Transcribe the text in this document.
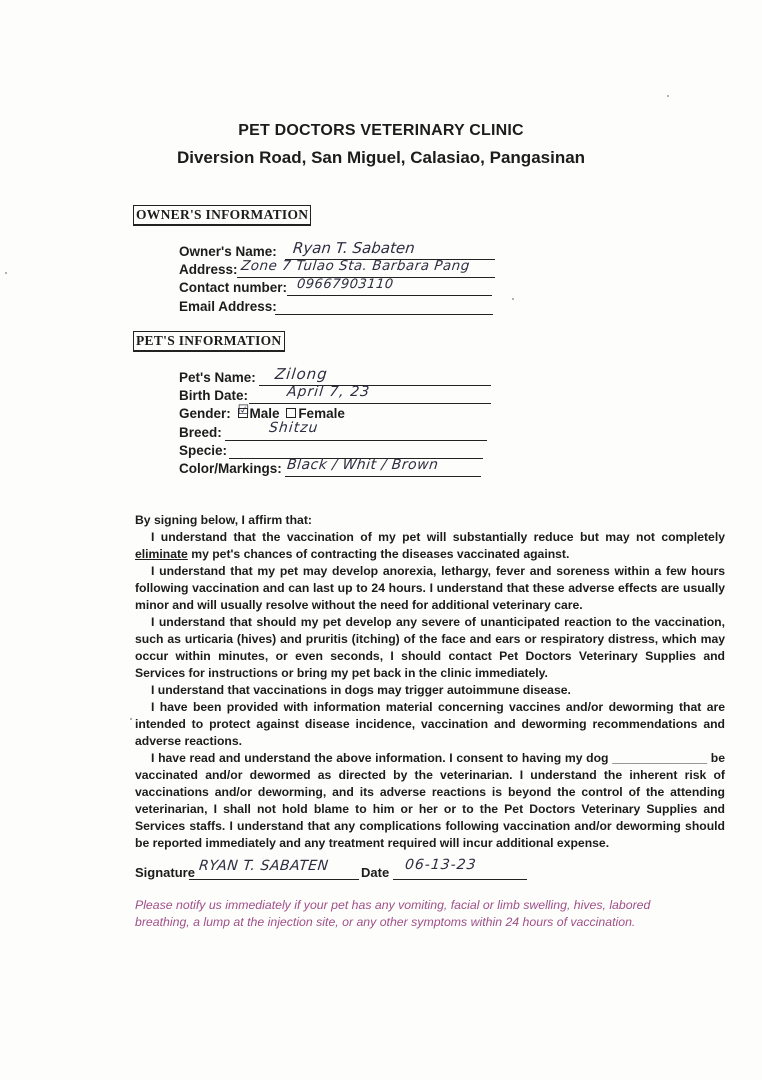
PET DOCTORS VETERINARY CLINIC
Diversion Road, San Miguel, Calasiao, Pangasinan
OWNER'S INFORMATION
Owner's Name: Ryan T. Sabaten
Address: Zone 7 Tulao Sta. Barbara Pang
Contact number: 09667903110
Email Address:
PET'S INFORMATION
Pet's Name: Zilong
Birth Date:	April 7, 23
Gender: ☑ Male Female
Breed:	Shitzu
Specie:
Color/Markings: Black / Whit / Brown

By signing below, I affirm that:

I understand that the vaccination of my pet will substantially reduce but may not completely eliminate my pet's chances of contracting the diseases vaccinated against.

I understand that my pet may develop anorexia, lethargy, fever and soreness within a few hours following vaccination and can last up to 24 hours. I understand that these adverse effects are usually minor and will usually resolve without the need for additional veterinary care.

I understand that should my pet develop any severe of unanticipated reaction to the vaccination, such as urticaria (hives) and pruritis (itching) of the face and ears or respiratory distress, which may occur within minutes, or even seconds, I should contact Pet Doctors Veterinary Supplies and Services for instructions or bring my pet back in the clinic immediately.

I understand that vaccinations in dogs may trigger autoimmune disease.

I have been provided with information material concerning vaccines and/or deworming that are intended to protect against disease incidence, vaccination and deworming recommendations and adverse reactions.

I have read and understand the above information. I consent to having my dog ______________ be vaccinated and/or dewormed as directed by the veterinarian. I understand the inherent risk of vaccinations and/or deworming, and its adverse reactions is beyond the control of the attending veterinarian, I shall not hold blame to him or her or to the Pet Doctors Veterinary Supplies and Services staffs. I understand that any complications following vaccination and/or deworming should be reported immediately and any treatment required will incur additional expense.

Signature RYAN T. SABATEN Date 06-13-23
Please notify us immediately if your pet has any vomiting, facial or limb swelling, hives, labored breathing, a lump at the injection site, or any other symptoms within 24 hours of vaccination.
